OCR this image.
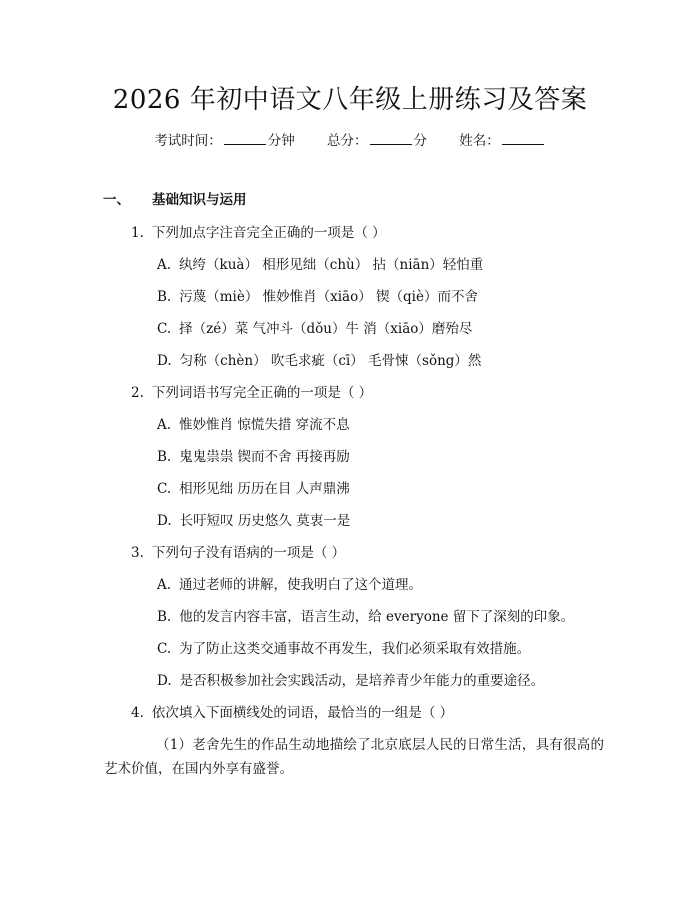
2026 年初中语文八年级上册练习及答案
考试时间：	分钟 总分：	分 姓名：
一、 基础知识与运用
1. 下列加点字注音完全正确的一项是（ ）
A. 纨绔（kuà） 相形见绌（chù） 拈（niān）轻怕重
B. 污蔑（miè） 惟妙惟肖（xiāo） 锲（qiè）而不舍
C. 择（zé）菜 气冲斗（dǒu）牛 消（xiāo）磨殆尽
D. 匀称（chèn） 吹毛求疵（cī） 毛骨悚（sǒng）然
2. 下列词语书写完全正确的一项是（ ）
A. 惟妙惟肖 惊慌失措 穿流不息
B. 鬼鬼祟祟 锲而不舍 再接再励
C. 相形见绌 历历在目 人声鼎沸
D. 长吁短叹 历史悠久 莫衷一是
3. 下列句子没有语病的一项是（ ）
A. 通过老师的讲解，使我明白了这个道理。
B. 他的发言内容丰富，语言生动，给 everyone 留下了深刻的印象。
C. 为了防止这类交通事故不再发生，我们必须采取有效措施。
D. 是否积极参加社会实践活动，是培养青少年能力的重要途径。
4. 依次填入下面横线处的词语，最恰当的一组是（ ）
（1）老舍先生的作品生动地描绘了北京底层人民的日常生活，具有很高的艺术价值，在国内外享有盛誉。
